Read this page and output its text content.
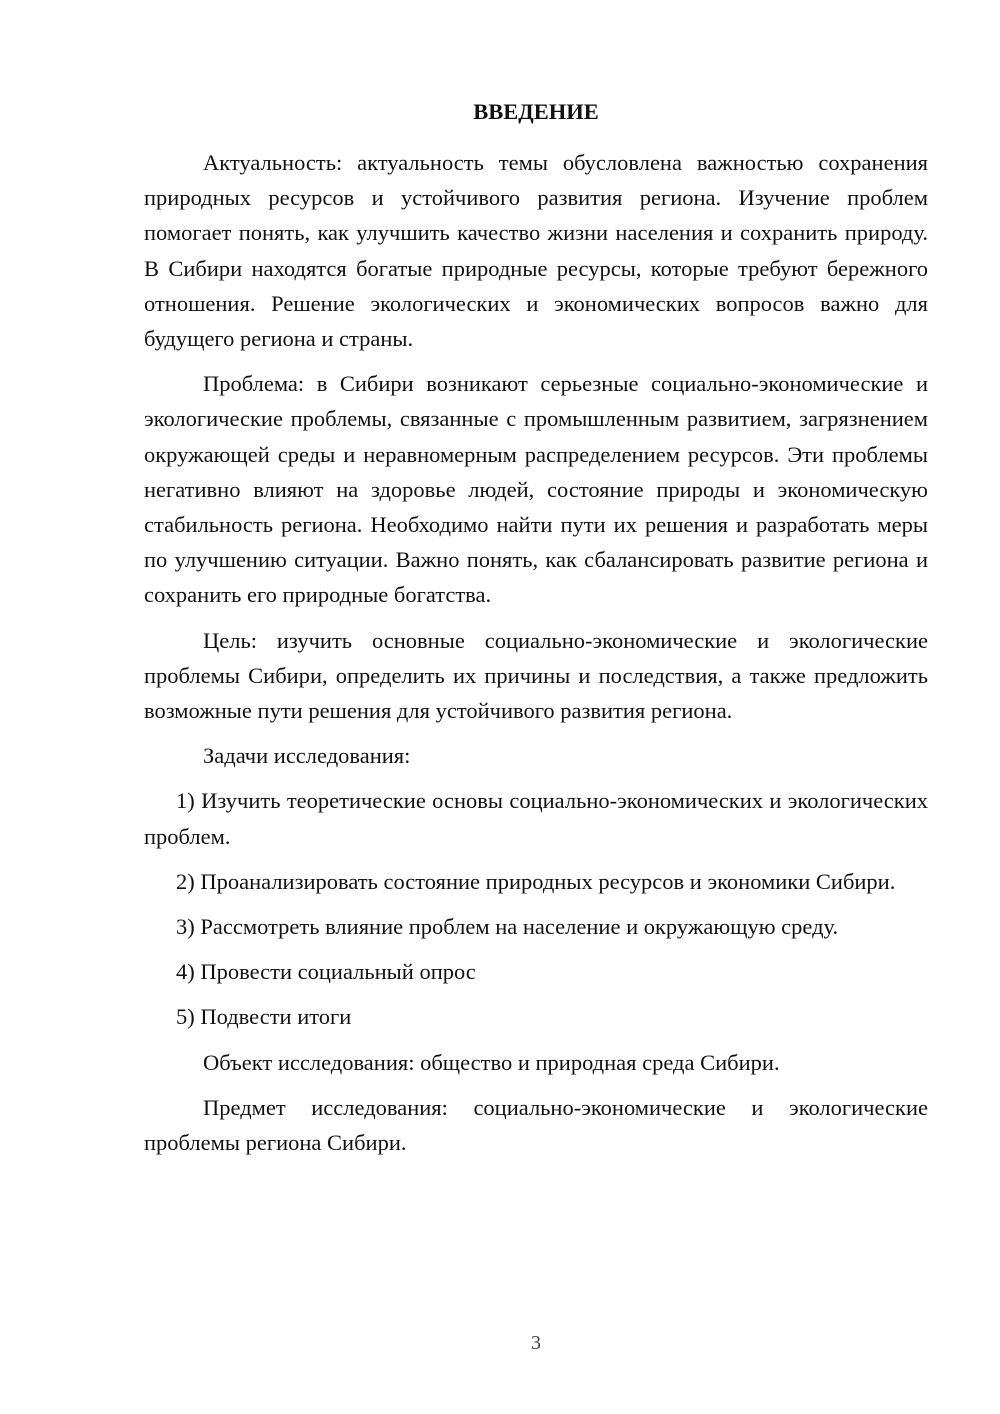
ВВЕДЕНИЕ

Актуальность: актуальность темы обусловлена важностью сохранения природных ресурсов и устойчивого развития региона. Изучение проблем помогает понять, как улучшить качество жизни населения и сохранить природу. В Сибири находятся богатые природные ресурсы, которые требуют бережного отношения. Решение экологических и экономических вопросов важно для будущего региона и страны.

Проблема: в Сибири возникают серьезные социально-экономические и экологические проблемы, связанные с промышленным развитием, загрязнением окружающей среды и неравномерным распределением ресурсов. Эти проблемы негативно влияют на здоровье людей, состояние природы и экономическую стабильность региона. Необходимо найти пути их решения и разработать меры по улучшению ситуации. Важно понять, как сбалансировать развитие региона и сохранить его природные богатства.

Цель: изучить основные социально-экономические и экологические проблемы Сибири, определить их причины и последствия, а также предложить возможные пути решения для устойчивого развития региона.

Задачи исследования:

1) Изучить теоретические основы социально-экономических и экологических проблем.

2) Проанализировать состояние природных ресурсов и экономики Сибири.

3) Рассмотреть влияние проблем на население и окружающую среду.

4) Провести социальный опрос

5) Подвести итоги

Объект исследования: общество и природная среда Сибири.

Предмет исследования: социально-экономические и экологические проблемы региона Сибири.

3
